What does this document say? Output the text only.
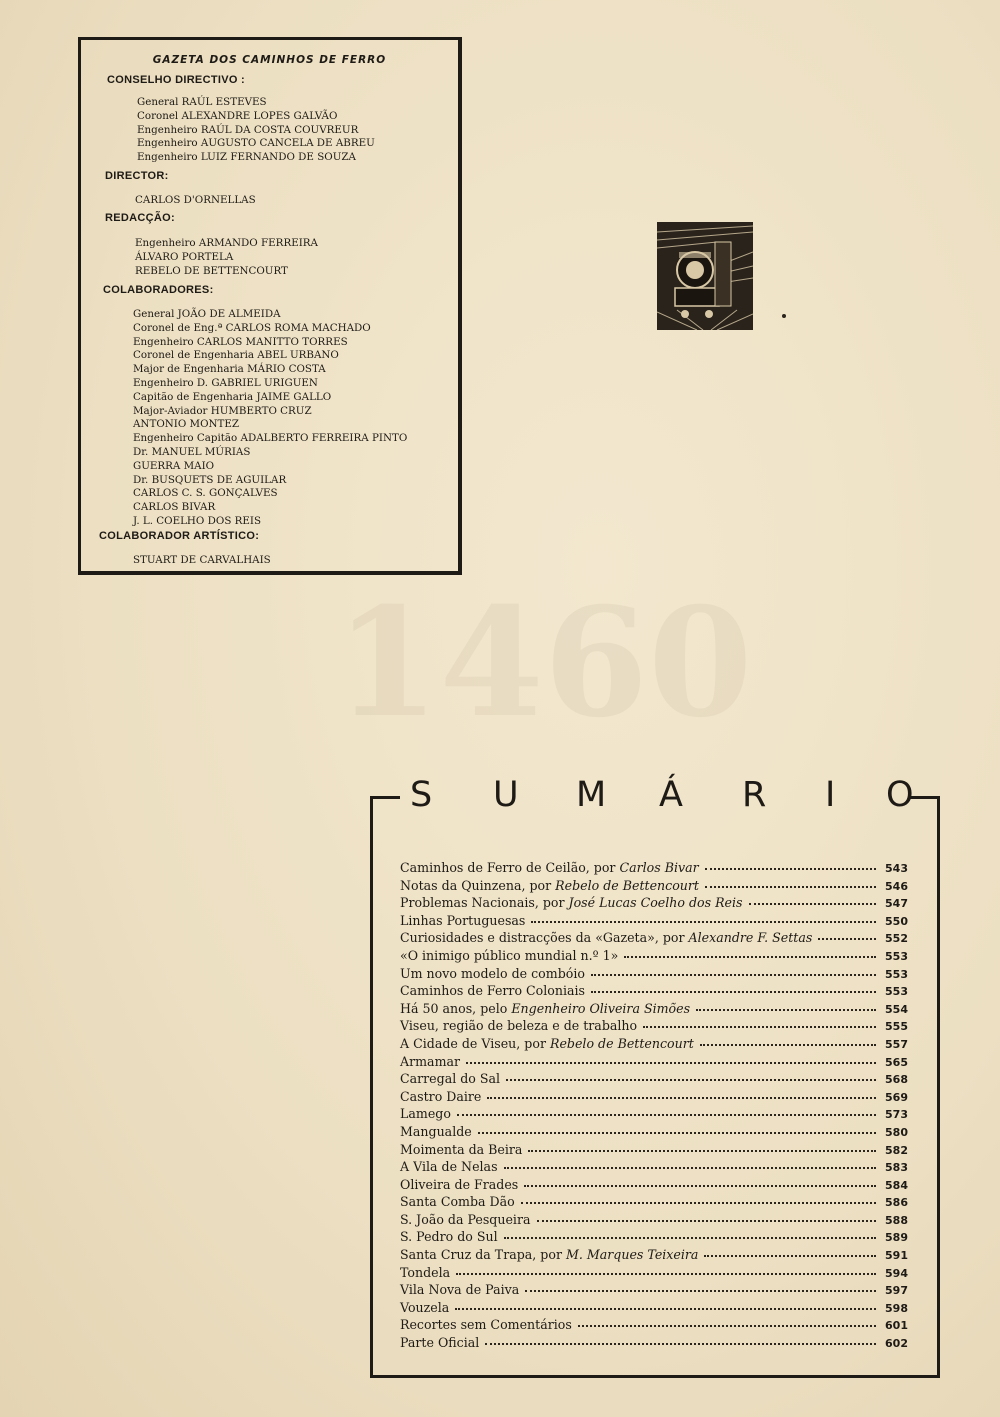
1460
GAZETA DOS CAMINHOS DE FERRO
CONSELHO DIRECTIVO :
General RAÚL ESTEVES
Coronel ALEXANDRE LOPES GALVÃO
Engenheiro RAÚL DA COSTA COUVREUR
Engenheiro AUGUSTO CANCELA DE ABREU
Engenheiro LUIZ FERNANDO DE SOUZA
DIRECTOR:
CARLOS D'ORNELLAS
REDACÇÃO:
Engenheiro ARMANDO FERREIRA
ÁLVARO PORTELA
REBELO DE BETTENCOURT
COLABORADORES:
General JOÃO DE ALMEIDA
Coronel de Eng.ª CARLOS ROMA MACHADO
Engenheiro CARLOS MANITTO TORRES
Coronel de Engenharia ABEL URBANO
Major de Engenharia MÁRIO COSTA
Engenheiro D. GABRIEL URIGUEN
Capitão de Engenharia JAIME GALLO
Major-Aviador HUMBERTO CRUZ
ANTONIO MONTEZ
Engenheiro Capitão ADALBERTO FERREIRA PINTO
Dr. MANUEL MÚRIAS
GUERRA MAIO
Dr. BUSQUETS DE AGUILAR
CARLOS C. S. GONÇALVES
CARLOS BIVAR
J. L. COELHO DOS REIS
COLABORADOR ARTÍSTICO:
STUART DE CARVALHAIS
S U M Á R I O
Caminhos de Ferro de Ceilão, por Carlos Bivar	543
Notas da Quinzena, por Rebelo de Bettencourt	546
Problemas Nacionais, por José Lucas Coelho dos Reis	547
Linhas Portuguesas	550
Curiosidades e distracções da «Gazeta», por Alexandre F. Settas	552
«O inimigo público mundial n.º 1»	553
Um novo modelo de combóio	553
Caminhos de Ferro Coloniais	553
Há 50 anos, pelo Engenheiro Oliveira Simões	554
Viseu, região de beleza e de trabalho	555
A Cidade de Viseu, por Rebelo de Bettencourt	557
Armamar	565
Carregal do Sal	568
Castro Daire	569
Lamego	573
Mangualde	580
Moimenta da Beira	582
A Vila de Nelas	583
Oliveira de Frades	584
Santa Comba Dão	586
S. João da Pesqueira	588
S. Pedro do Sul	589
Santa Cruz da Trapa, por M. Marques Teixeira	591
Tondela	594
Vila Nova de Paiva	597
Vouzela	598
Recortes sem Comentários	601
Parte Oficial	602
